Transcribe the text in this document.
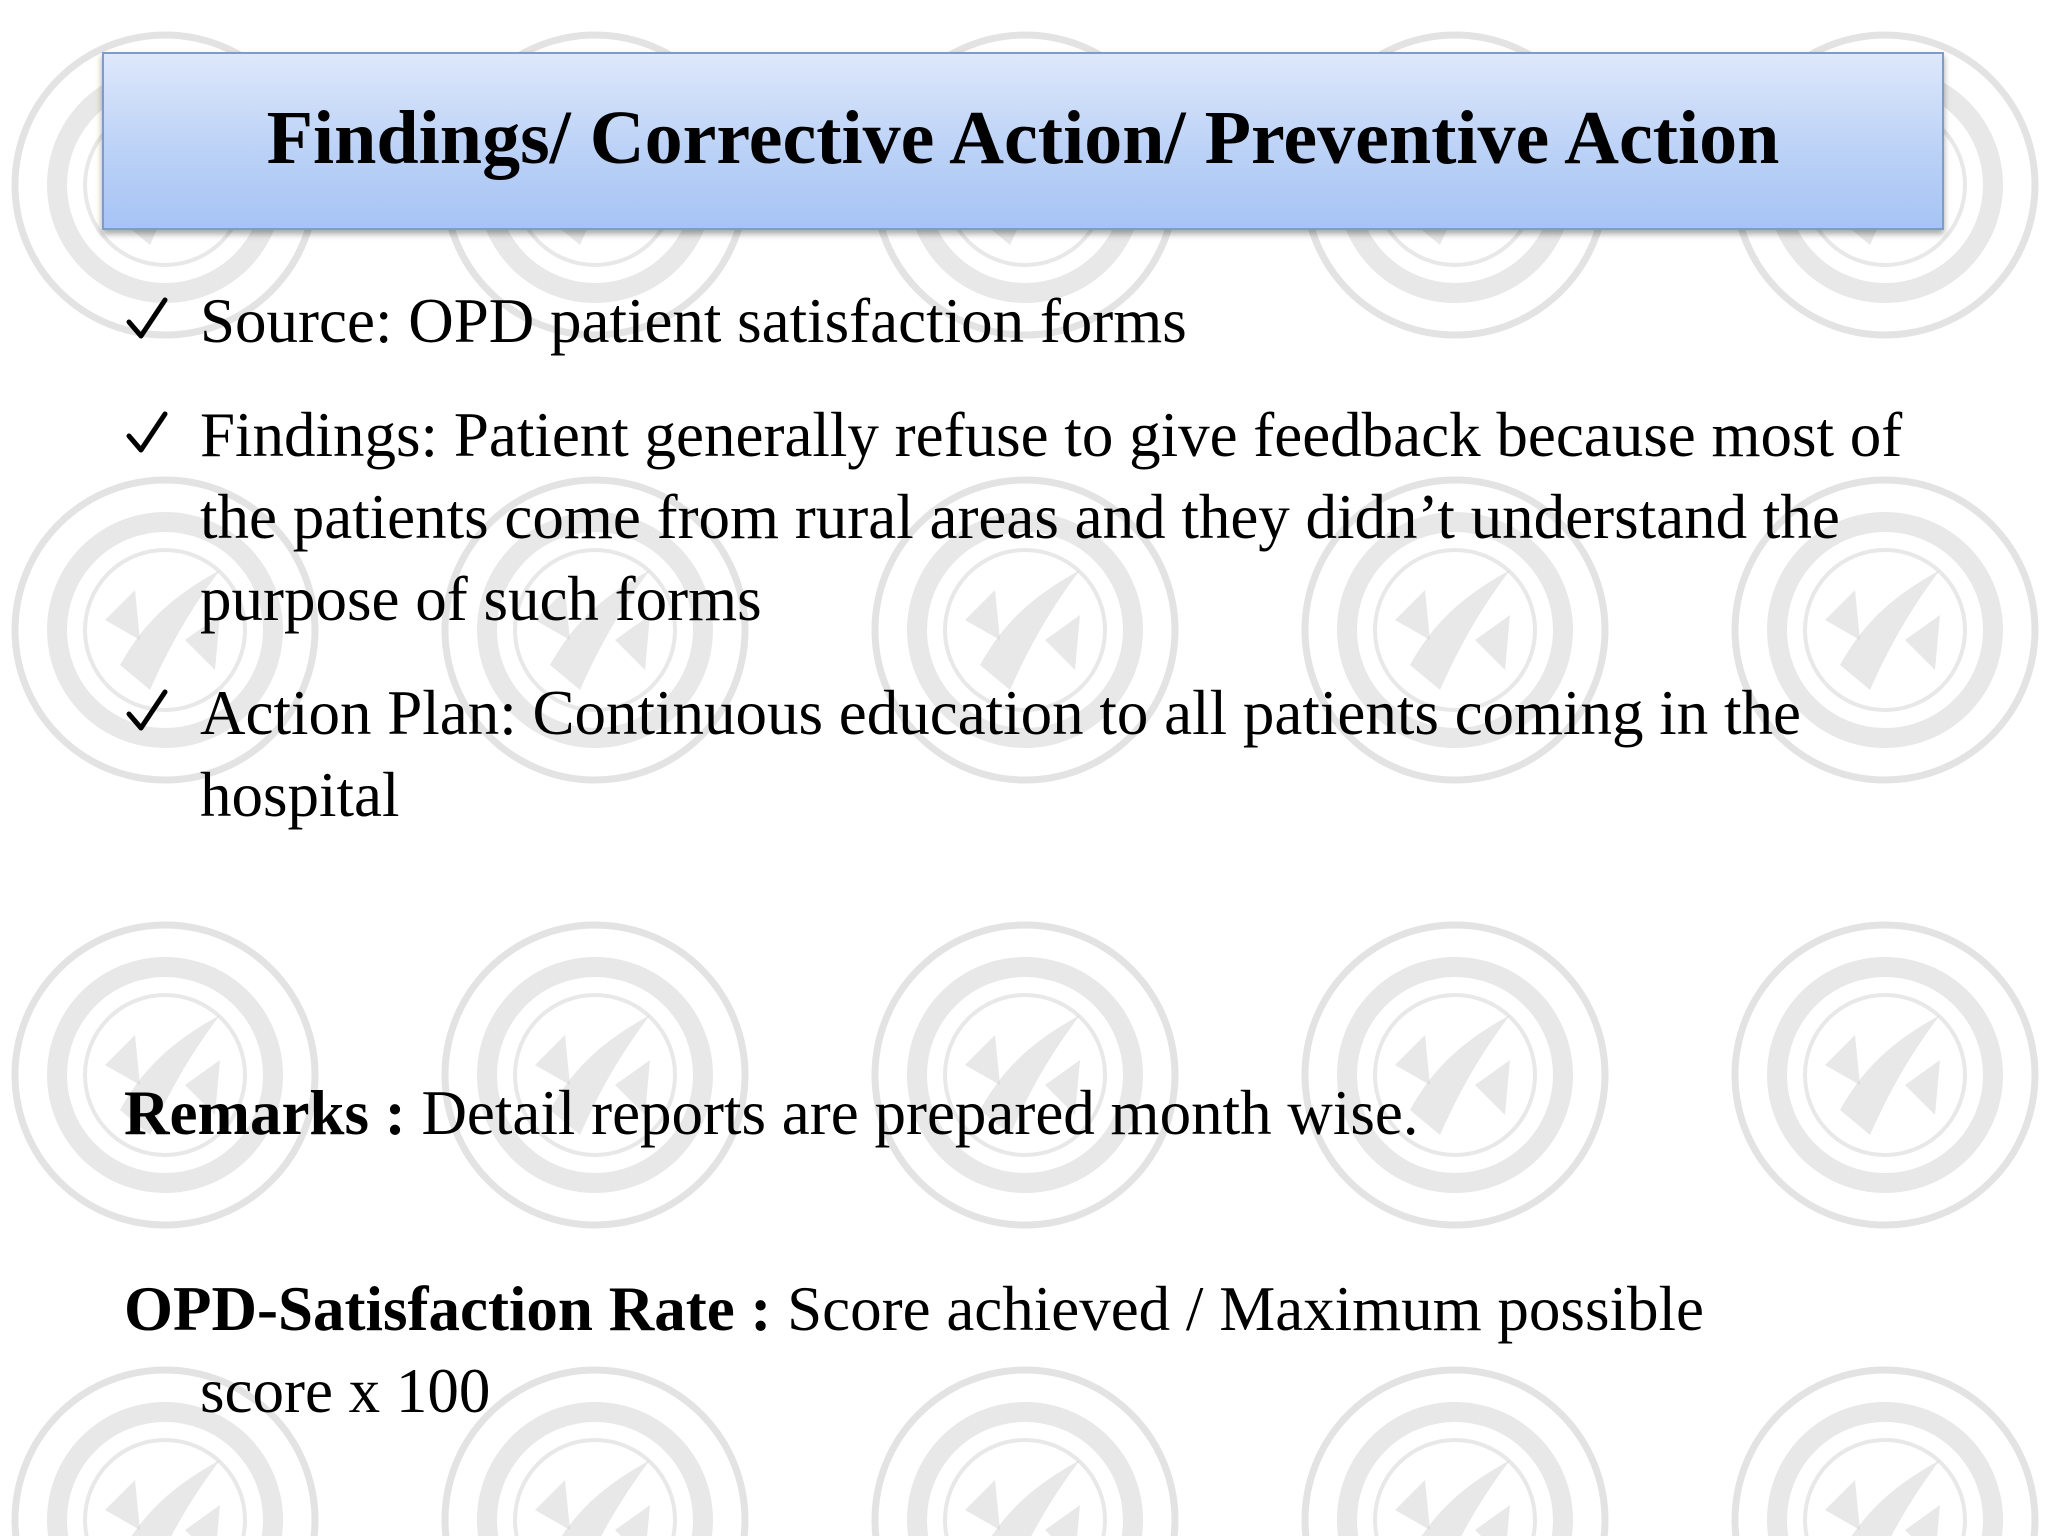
Findings/ Corrective Action/ Preventive Action
Source: OPD patient satisfaction forms
Findings: Patient generally refuse to give feedback because most of the patients come from rural areas and they didn’t understand the purpose of such forms
Action Plan: Continuous education to all patients coming in the hospital
Remarks : Detail reports are prepared month wise.
OPD-Satisfaction Rate : Score achieved / Maximum possible
score x 100
